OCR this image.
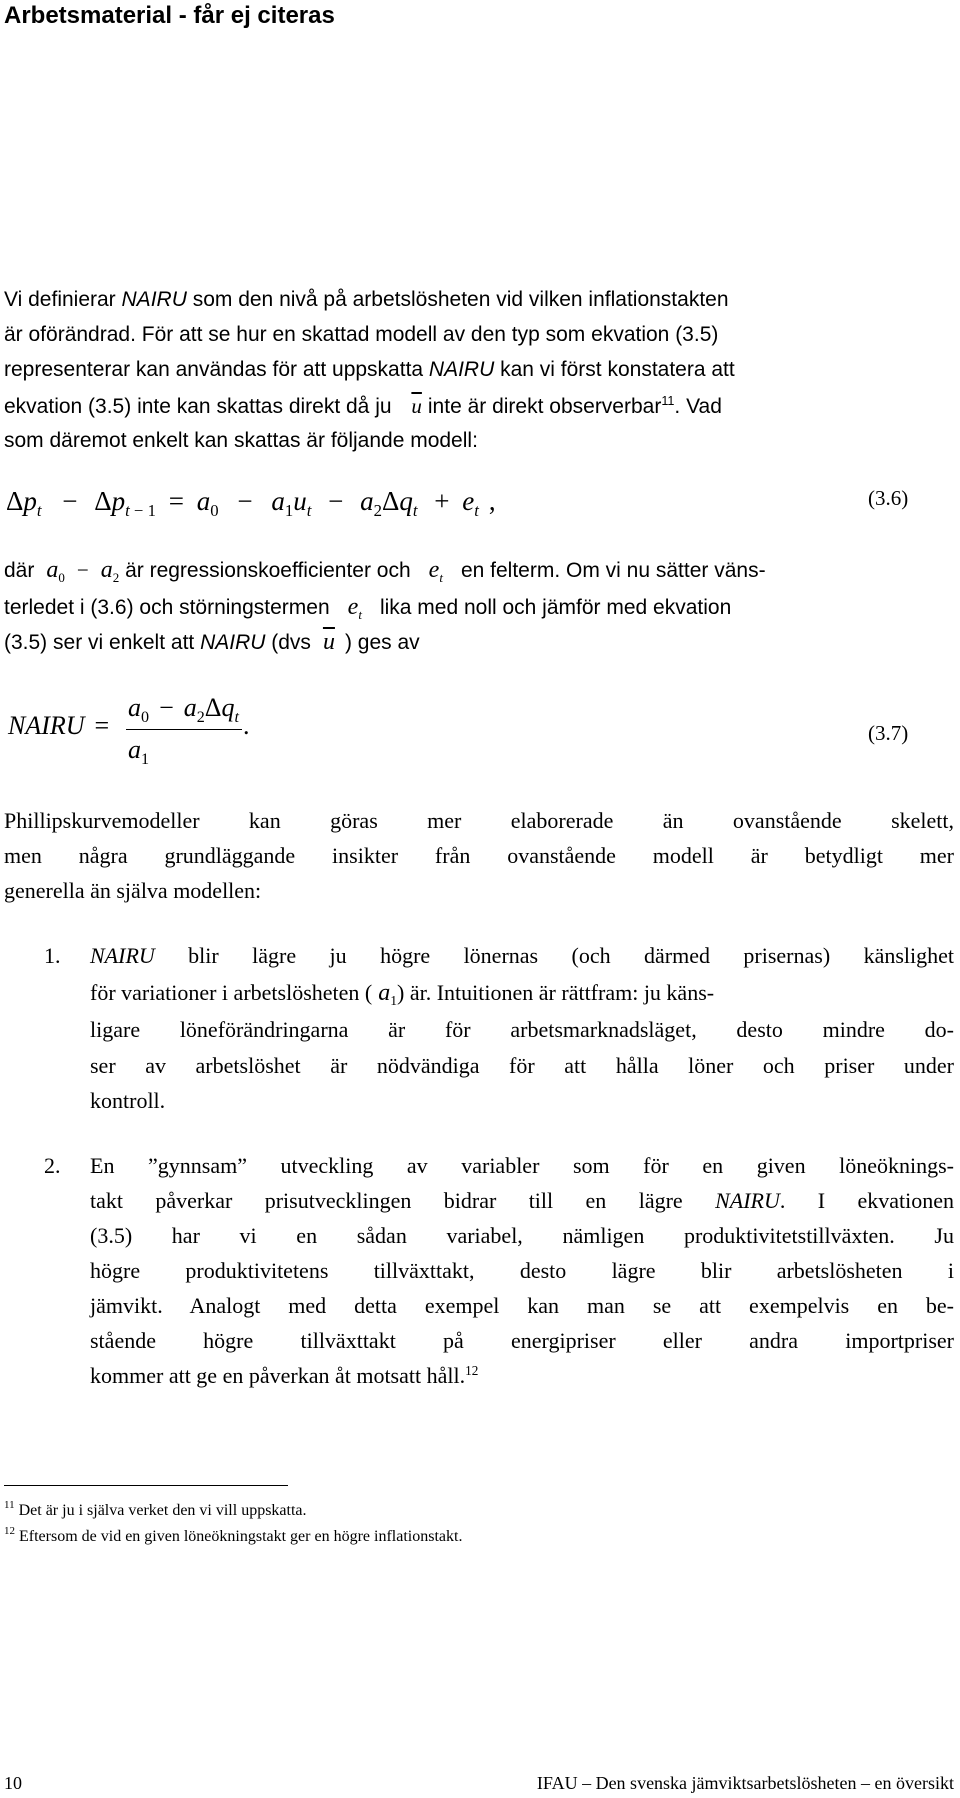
Arbetsmaterial - får ej citeras
Vi definierar NAIRU som den nivå på arbetslösheten vid vilken inflationstakten
är oförändrad. För att se hur en skattad modell av den typ som ekvation (3.5)
representerar kan användas för att uppskatta NAIRU kan vi först konstatera att
ekvation (3.5) inte kan skattas direkt då ju $\overline{u}$ inte är direkt observerbar$^{11}$. Vad
som däremot enkelt kan skattas är följande modell:
$\Delta p_t - \Delta p_t$ $_{- 1} = a_0 - a_1u_t - a_2\Delta q_t + e_t$ ,	(3.6)
där $a_0 - a_2$ är regressionskoefficienter och $e_t$ en felterm. Om vi nu sätter väns-
terledet i (3.6) och störningstermen $e_t$ lika med noll och jämför med ekvation
(3.5) ser vi enkelt att NAIRU (dvs $\overline{u}$ ) ges av
NAIRU =
$a_0 - a_2\Delta q_t$ .
$a_1$
(3.7)
Phillipskurvemodeller kan göras mer elaborerade än ovanstående skelett,
men några grundläggande insikter från ovanstående modell är betydligt mer
generella än själva modellen:
1. NAIRU blir lägre ju högre lönernas (och därmed prisernas) känslighet
för variationer i arbetslösheten ( $a_1$) är. Intuitionen är rättfram: ju käns-
ligare löneförändringarna är för arbetsmarknadsläget, desto mindre do-
ser av arbetslöshet är nödvändiga för att hålla löner och priser under
kontroll.
2. En ”gynnsam” utveckling av variabler som för en given löneöknings-
takt påverkar prisutvecklingen bidrar till en lägre NAIRU. I ekvationen
(3.5) har vi en sådan variabel, nämligen produktivitetstillväxten. Ju
högre produktivitetens tillväxttakt, desto lägre blir arbetslösheten i
jämvikt. Analogt med detta exempel kan man se att exempelvis en be-
stående högre tillväxttakt på energipriser eller andra importpriser
kommer att ge en påverkan åt motsatt håll.$^{12}$
$^{11}$ Det är ju i själva verket den vi vill uppskatta.
$^{12}$ Eftersom de vid en given löneökningstakt ger en högre inflationstakt.
10	IFAU – Den svenska jämviktsarbetslösheten – en översikt
